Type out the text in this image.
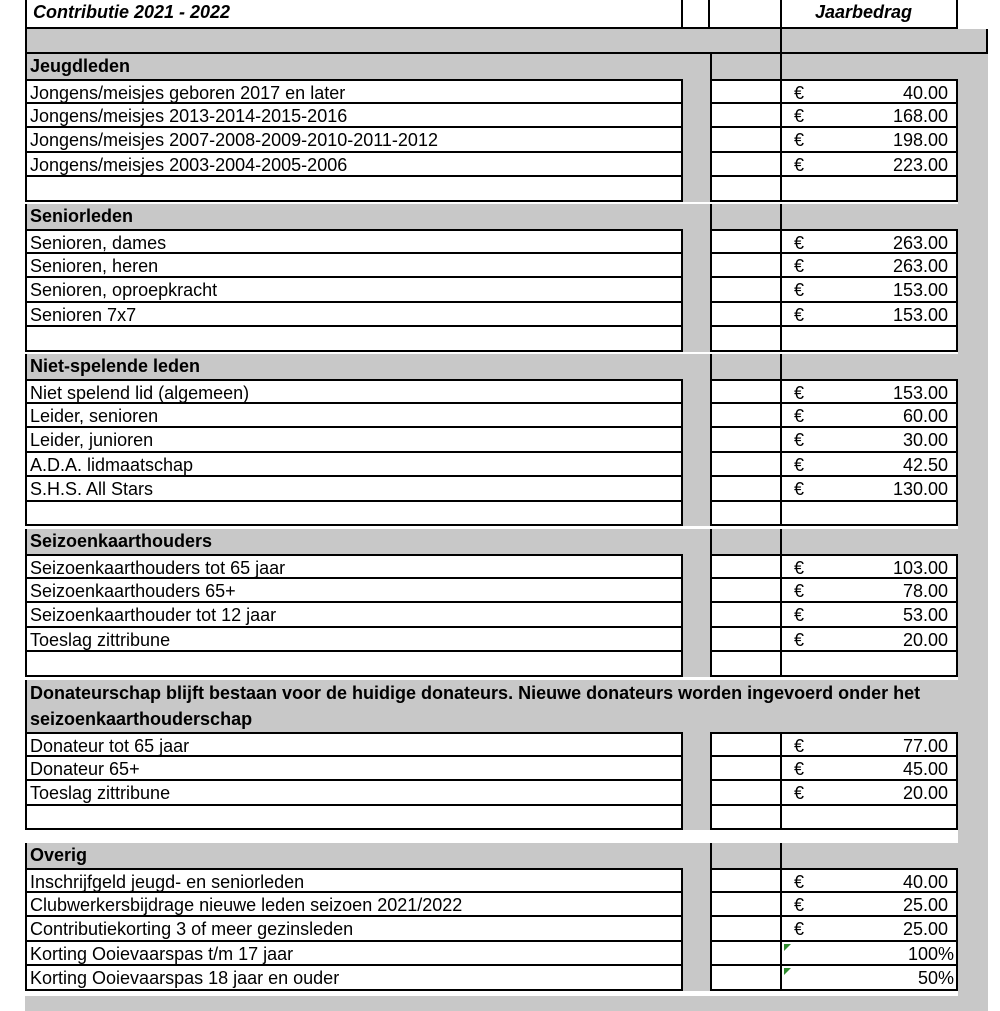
Contributie 2021 - 2022	Jaarbedrag
Jeugdleden
Jongens/meisjes geboren 2017 en later	€	40.00
Jongens/meisjes 2013-2014-2015-2016	€	168.00
Jongens/meisjes 2007-2008-2009-2010-2011-2012	€	198.00
Jongens/meisjes 2003-2004-2005-2006	€	223.00
Seniorleden
Senioren, dames	€	263.00
Senioren, heren	€	263.00
Senioren, oproepkracht	€	153.00
Senioren 7x7	€	153.00
Niet-spelende leden
Niet spelend lid (algemeen)	€	153.00
Leider, senioren	€	60.00
Leider, junioren	€	30.00
A.D.A. lidmaatschap	€	42.50
S.H.S. All Stars	€	130.00
Seizoenkaarthouders
Seizoenkaarthouders tot 65 jaar	€	103.00
Seizoenkaarthouders 65+	€	78.00
Seizoenkaarthouder tot 12 jaar	€	53.00
Toeslag zittribune	€	20.00
Donateurschap blijft bestaan voor de huidige donateurs. Nieuwe donateurs worden ingevoerd onder het
seizoenkaarthouderschap
Donateur tot 65 jaar	€	77.00
Donateur 65+	€	45.00
Toeslag zittribune	€	20.00
Overig
Inschrijfgeld jeugd- en seniorleden	€	40.00
Clubwerkersbijdrage nieuwe leden seizoen 2021/2022	€	25.00
Contributiekorting 3 of meer gezinsleden	€	25.00
Korting Ooievaarspas t/m 17 jaar	100%
Korting Ooievaarspas 18 jaar en ouder	50%
